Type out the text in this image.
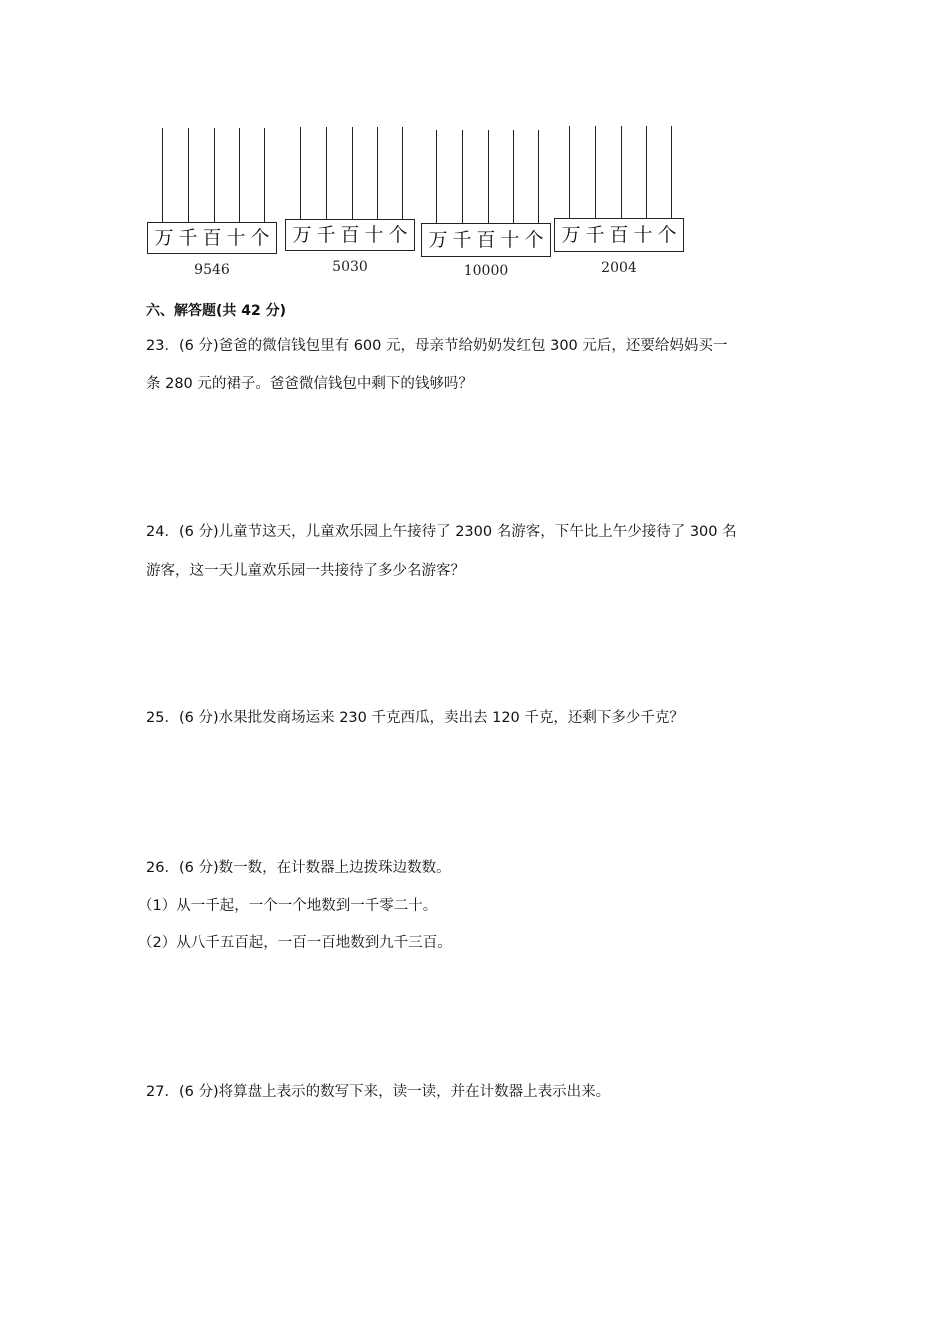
万 千 百 十 个
9546
万 千 百 十 个
5030
万 千 百 十 个
10000
万 千 百 十 个
2004
六、解答题(共 42 分)
23．(6 分)爸爸的微信钱包里有 600 元，母亲节给奶奶发红包 300 元后，还要给妈妈买一
条 280 元的裙子。爸爸微信钱包中剩下的钱够吗？
24．(6 分)儿童节这天，儿童欢乐园上午接待了 2300 名游客，下午比上午少接待了 300 名
游客，这一天儿童欢乐园一共接待了多少名游客？
25．(6 分)水果批发商场运来 230 千克西瓜，卖出去 120 千克，还剩下多少千克？
26．(6 分)数一数，在计数器上边拨珠边数数。
（1）从一千起，一个一个地数到一千零二十。
（2）从八千五百起，一百一百地数到九千三百。
27．(6 分)将算盘上表示的数写下来，读一读，并在计数器上表示出来。
